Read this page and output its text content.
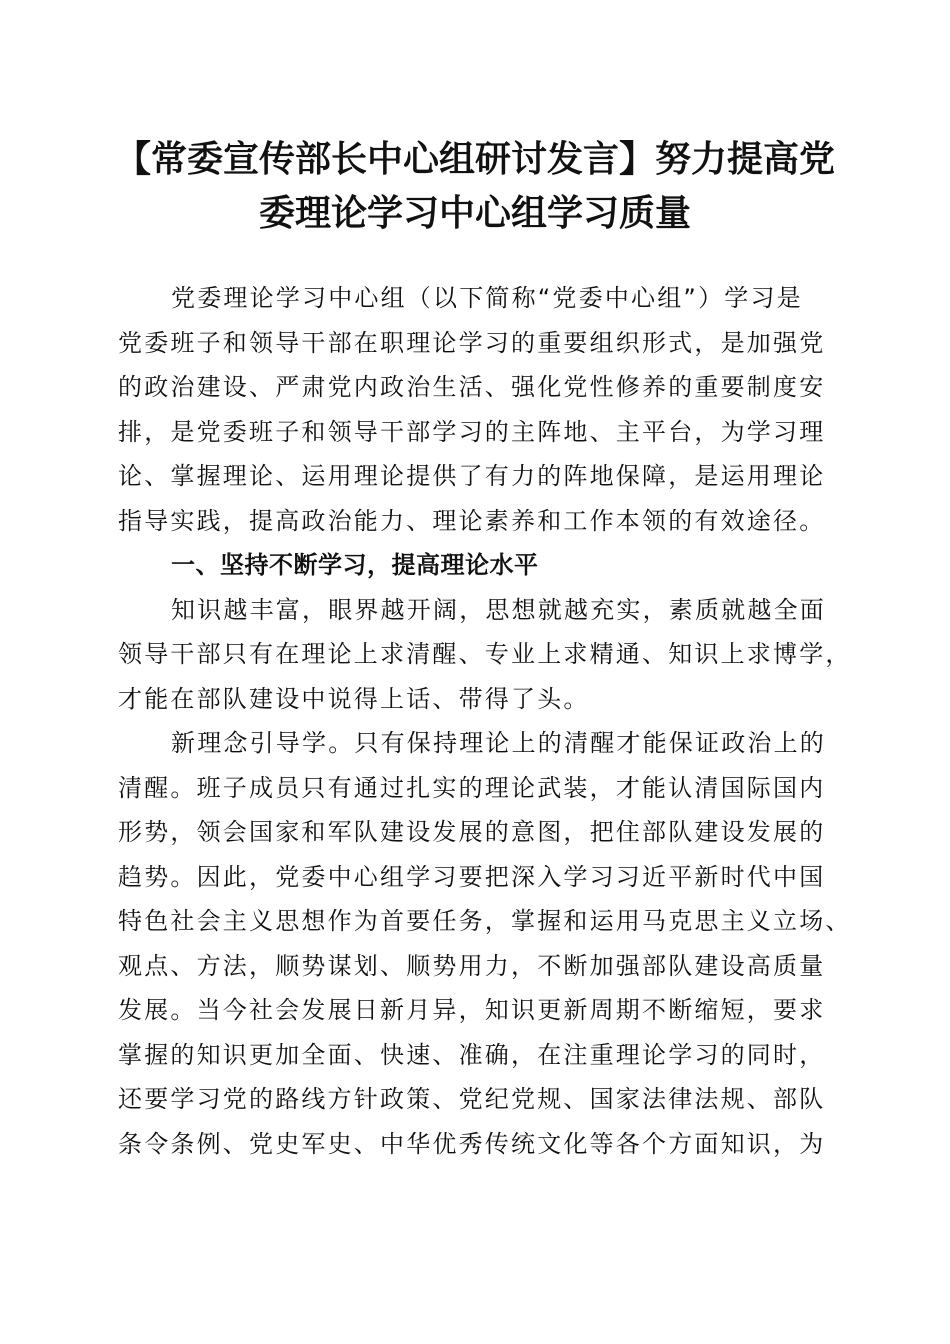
【常委宣传部长中心组研讨发言】努力提高党
委理论学习中心组学习质量
党委理论学习中心组（以下简称“党委中心组”）学习是
党委班子和领导干部在职理论学习的重要组织形式，是加强党
的政治建设、严肃党内政治生活、强化党性修养的重要制度安
排，是党委班子和领导干部学习的主阵地、主平台，为学习理
论、掌握理论、运用理论提供了有力的阵地保障，是运用理论
指导实践，提高政治能力、理论素养和工作本领的有效途径。
一、坚持不断学习，提高理论水平
知识越丰富，眼界越开阔，思想就越充实，素质就越全面
领导干部只有在理论上求清醒、专业上求精通、知识上求博学，
才能在部队建设中说得上话、带得了头。
新理念引导学。只有保持理论上的清醒才能保证政治上的
清醒。班子成员只有通过扎实的理论武装，才能认清国际国内
形势，领会国家和军队建设发展的意图，把住部队建设发展的
趋势。因此，党委中心组学习要把深入学习习近平新时代中国
特色社会主义思想作为首要任务，掌握和运用马克思主义立场、
观点、方法，顺势谋划、顺势用力，不断加强部队建设高质量
发展。当今社会发展日新月异，知识更新周期不断缩短，要求
掌握的知识更加全面、快速、准确，在注重理论学习的同时，
还要学习党的路线方针政策、党纪党规、国家法律法规、部队
条令条例、党史军史、中华优秀传统文化等各个方面知识，为
